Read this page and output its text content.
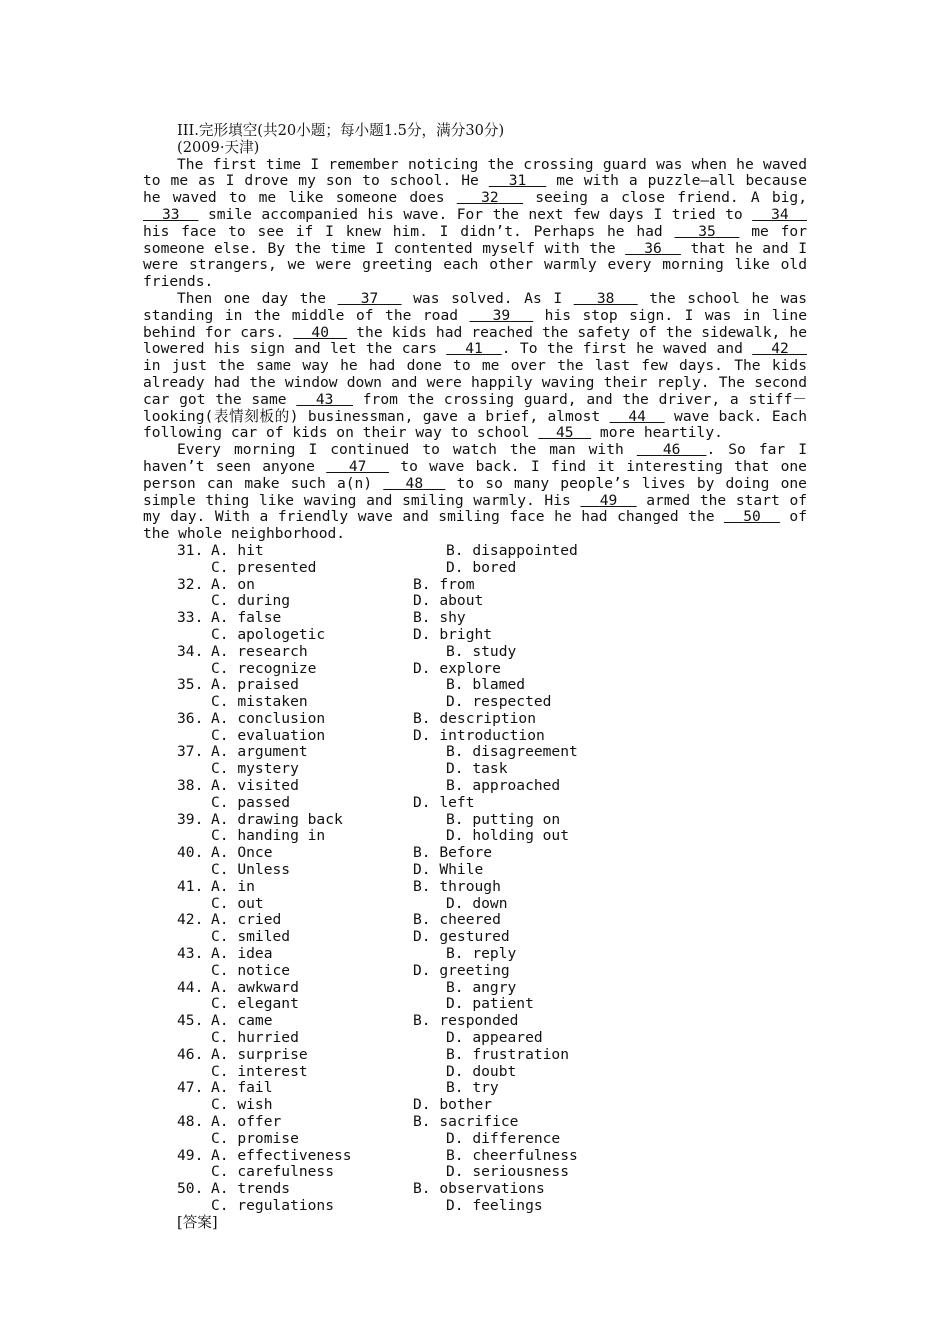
III.完形填空(共20小题；每小题1.5分，满分30分)
(2009·天津)
The first time I remember noticing the crossing guard was when he waved to me as I drove my son to school. He   31   me with a puzzle—all because he waved to me like someone does   32   seeing a close friend. A big,   33   smile accompanied his wave. For the next few days I tried to   34   his face to see if I knew him. I didn’t. Perhaps he had   35   me for someone else. By the time I contented myself with the   36   that he and I were strangers, we were greeting each other warmly every morning like old friends.
Then one day the   37   was solved. As I   38   the school he was standing in the middle of the road   39   his stop sign. I was in line behind for cars.   40   the kids had reached the safety of the sidewalk, he lowered his sign and let the cars   41 . To the first he waved and   42   in just the same way he had done to me over the last few days. The kids already had the window down and were happily waving their reply. The second car got the same   43   from the crossing guard, and the driver, a stiff－looking(表情刻板的) businessman, gave a brief, almost   44   wave back. Each following car of kids on their way to school   45   more heartily.
Every morning I continued to watch the man with   46 . So far I haven’t seen anyone   47   to wave back. I find it interesting that one person can make such a(n)   48   to so many people’s lives by doing one simple thing like waving and smiling warmly. His   49   armed the start of my day. With a friendly wave and smiling face he had changed the   50   of the whole neighborhood.
31. A. hit	B. disappointed
C. presented	D. bored
32. A. on	B. from
C. during	D. about
33. A. false	B. shy
C. apologetic	D. bright
34. A. research	B. study
C. recognize	D. explore
35. A. praised	B. blamed
C. mistaken	D. respected
36. A. conclusion	B. description
C. evaluation	D. introduction
37. A. argument	B. disagreement
C. mystery	D. task
38. A. visited	B. approached
C. passed	D. left
39. A. drawing back	B. putting on
C. handing in	D. holding out
40. A. Once	B. Before
C. Unless	D. While
41. A. in	B. through
C. out	D. down
42. A. cried	B. cheered
C. smiled	D. gestured
43. A. idea	B. reply
C. notice	D. greeting
44. A. awkward	B. angry
C. elegant	D. patient
45. A. came	B. responded
C. hurried	D. appeared
46. A. surprise	B. frustration
C. interest	D. doubt
47. A. fail	B. try
C. wish	D. bother
48. A. offer	B. sacrifice
C. promise	D. difference
49. A. effectiveness	B. cheerfulness
C. carefulness	D. seriousness
50. A. trends	B. observations
C. regulations	D. feelings
[答案]
